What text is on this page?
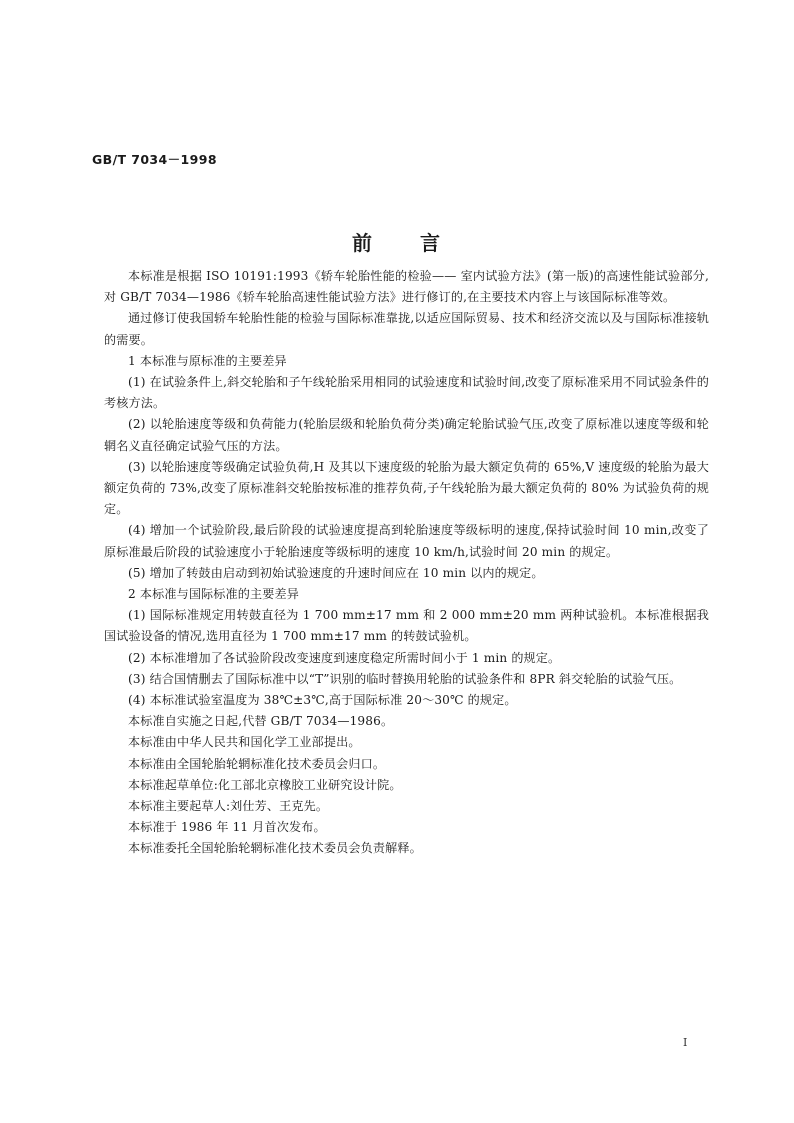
GB/T 7034－1998
前 言

本标准是根据 ISO 10191:1993《轿车轮胎性能的检验—— 室内试验方法》(第一版)的高速性能试验部分,对 GB/T 7034—1986《轿车轮胎高速性能试验方法》进行修订的,在主要技术内容上与该国际标准等效。

通过修订使我国轿车轮胎性能的检验与国际标准靠拢,以适应国际贸易、技术和经济交流以及与国际标准接轨的需要。

1 本标准与原标准的主要差异

(1) 在试验条件上,斜交轮胎和子午线轮胎采用相同的试验速度和试验时间,改变了原标准采用不同试验条件的考核方法。

(2) 以轮胎速度等级和负荷能力(轮胎层级和轮胎负荷分类)确定轮胎试验气压,改变了原标准以速度等级和轮辋名义直径确定试验气压的方法。

(3) 以轮胎速度等级确定试验负荷,H 及其以下速度级的轮胎为最大额定负荷的 65%,V 速度级的轮胎为最大额定负荷的 73%,改变了原标准斜交轮胎按标准的推荐负荷,子午线轮胎为最大额定负荷的 80% 为试验负荷的规定。

(4) 增加一个试验阶段,最后阶段的试验速度提高到轮胎速度等级标明的速度,保持试验时间 10 min,改变了原标准最后阶段的试验速度小于轮胎速度等级标明的速度 10 km/h,试验时间 20 min 的规定。

(5) 增加了转鼓由启动到初始试验速度的升速时间应在 10 min 以内的规定。

2 本标准与国际标准的主要差异

(1) 国际标准规定用转鼓直径为 1 700 mm±17 mm 和 2 000 mm±20 mm 两种试验机。本标准根据我国试验设备的情况,选用直径为 1 700 mm±17 mm 的转鼓试验机。

(2) 本标准增加了各试验阶段改变速度到速度稳定所需时间小于 1 min 的规定。

(3) 结合国情删去了国际标准中以“T”识别的临时替换用轮胎的试验条件和 8PR 斜交轮胎的试验气压。

(4) 本标准试验室温度为 38℃±3℃,高于国际标准 20～30℃ 的规定。

本标准自实施之日起,代替 GB/T 7034—1986。

本标准由中华人民共和国化学工业部提出。

本标准由全国轮胎轮辋标准化技术委员会归口。

本标准起草单位:化工部北京橡胶工业研究设计院。

本标准主要起草人:刘仕芳、王克先。

本标准于 1986 年 11 月首次发布。

本标准委托全国轮胎轮辋标准化技术委员会负责解释。

I
